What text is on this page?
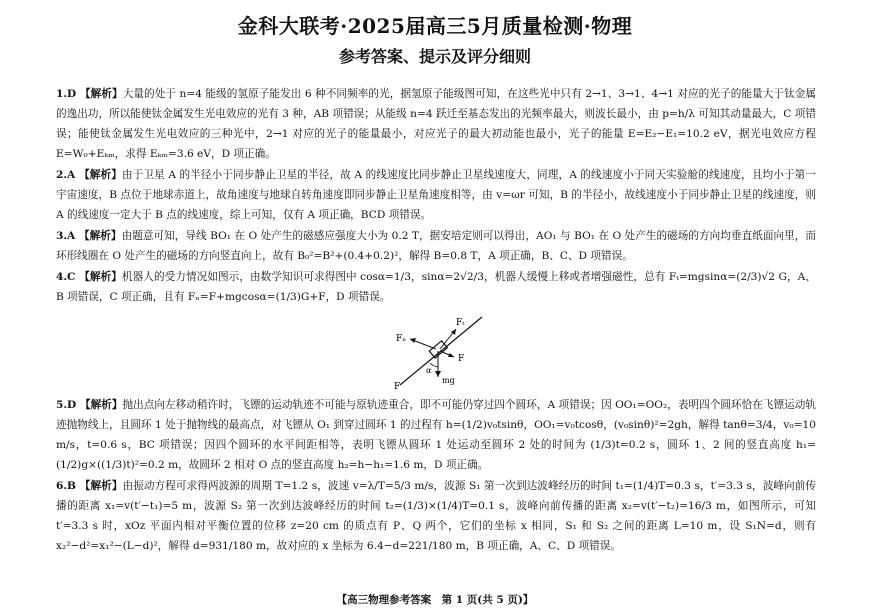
金科大联考·2025届高三5月质量检测·物理
参考答案、提示及评分细则

1.D 【解析】大量的处于 n=4 能级的氢原子能发出 6 种不同频率的光，据氢原子能级图可知，在这些光中只有 2→1、3→1、4→1 对应的光子的能量大于钛金属的逸出功，所以能使钛金属发生光电效应的光有 3 种，AB 项错误；从能级 n=4 跃迁至基态发出的光频率最大，则波长最小，由 p=h/λ 可知其动量最大，C 项错误；能使钛金属发生光电效应的三种光中，2→1 对应的光子的能量最小，对应光子的最大初动能也最小，光子的能量 E=E₂−E₁=10.2 eV，据光电效应方程 E=W₀+Eₖₘ，求得 Eₖₘ=3.6 eV，D 项正确。

2.A 【解析】由于卫星 A 的半径小于同步静止卫星的半径，故 A 的线速度比同步静止卫星线速度大，同理，A 的线速度小于同天实验舱的线速度，且均小于第一宇宙速度，B 点位于地球赤道上，故角速度与地球自转角速度即同步静止卫星角速度相等，由 v=ωr 可知，B 的半径小，故线速度小于同步静止卫星的线速度，则 A 的线速度一定大于 B 点的线速度，综上可知，仅有 A 项正确，BCD 项错误。

3.A 【解析】由题意可知，导线 BO₁ 在 O 处产生的磁感应强度大小为 0.2 T，据安培定则可以得出，AO₁ 与 BO₁ 在 O 处产生的磁场的方向均垂直纸面向里，而环形线圈在 O 处产生的磁场的方向竖直向上，故有 B₀²=B²+(0.4+0.2)²，解得 B=0.8 T，A 项正确，B、C、D 项错误。

4.C 【解析】机器人的受力情况如图示，由数学知识可求得图中 cosα=1/3，sinα=2√2/3，机器人缓慢上移或者增强磁性，总有 Fₜ=mgsinα=(2/3)√2 G，A、B 项错误，C 项正确，且有 Fₙ=F+mgcosα=(1/3)G+F，D 项错误。

Fₙ
F
F
Fₜ
α
mg

5.D 【解析】抛出点向左移动稍许时，飞镖的运动轨迹不可能与原轨迹重合，即不可能仍穿过四个圆环，A 项错误；因 OO₁=OO₂，表明四个圆环恰在飞镖运动轨迹抛物线上，且圆环 1 处于抛物线的最高点，对飞镖从 O₁ 到穿过圆环 1 的过程有 h=(1/2)v₀tsinθ，OO₁=v₀tcosθ，(v₀sinθ)²=2gh，解得 tanθ=3/4，v₀=10 m/s，t=0.6 s，BC 项错误；因四个圆环的水平间距相等，表明飞镖从圆环 1 处运动至圆环 2 处的时间为 (1/3)t=0.2 s，圆环 1、2 间的竖直高度 h₁=(1/2)g×((1/3)t)²=0.2 m，故圆环 2 相对 O 点的竖直高度 h₂=h−h₁=1.6 m，D 项正确。

6.B 【解析】由振动方程可求得两波源的周期 T=1.2 s，波速 v=λ/T=5/3 m/s，波源 S₁ 第一次到达波峰经历的时间 t₁=(1/4)T=0.3 s，t′=3.3 s，波峰向前传播的距离 x₁=v(t′−t₁)=5 m，波源 S₂ 第一次到达波峰经历的时间 t₂=(1/3)×(1/4)T=0.1 s，波峰向前传播的距离 x₂=v(t′−t₂)=16/3 m，如图所示，可知 t′=3.3 s 时，xOz 平面内相对平衡位置的位移 z=20 cm 的质点有 P、Q 两个，它们的坐标 x 相同，S₁ 和 S₂ 之间的距离 L=10 m，设 S₁N=d，则有 x₂²−d²=x₁²−(L−d)²，解得 d=931/180 m，故对应的 x 坐标为 6.4−d=221/180 m，B 项正确，A、C、D 项错误。

【高三物理参考答案　第 1 页(共 5 页)】
